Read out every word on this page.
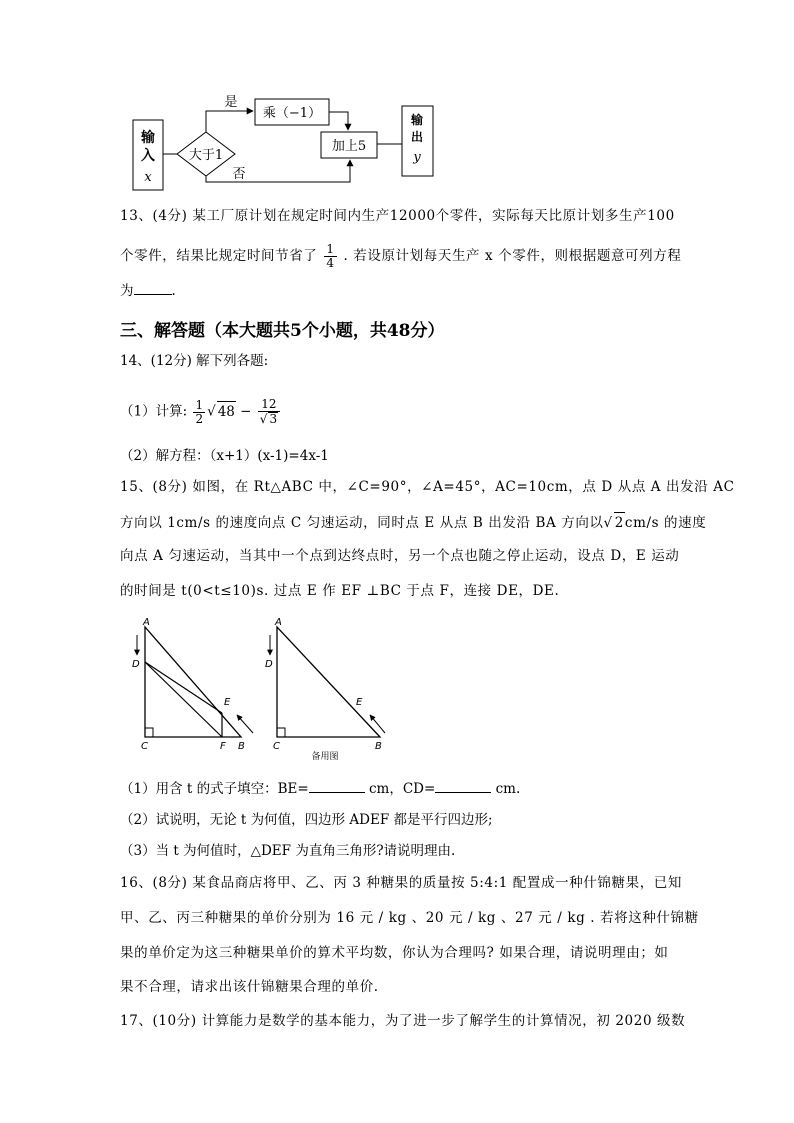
输
入
x
大于1
是
乘（−1）
加上5
否
输
出
y
13、(4分) 某工厂原计划在规定时间内生产12000个零件，实际每天比原计划多生产100
个零件，结果比规定时间节省了 $\frac{1}{4}$ . 若设原计划每天生产 x 个零件，则根据题意可列方程
为	.
三、解答题（本大题共5个小题，共48分）
14、(12分) 解下列各题:
（1）计算: $\frac{1}{2}$ √ $48 - \frac{12}{√ 3}$
（2）解方程：（x+1）(x-1)=4x-1
15、(8分) 如图，在 Rt△ABC 中，∠C=90°，∠A=45°，AC=10cm，点 D 从点 A 出发沿 AC
方向以 1cm/s 的速度向点 C 匀速运动，同时点 E 从点 B 出发沿 BA 方向以√ 2cm/s 的速度
向点 A 匀速运动，当其中一个点到达终点时，另一个点也随之停止运动，设点 D，E 运动
的时间是 t(0<t≤10)s. 过点 E 作 EF ⊥BC 于点 F，连接 DE，DE.
A
D
E
C	F B
A
D
E
C	B
备用图
（1）用含 t 的式子填空：BE=	cm，CD=	cm.
（2）试说明，无论 t 为何值，四边形 ADEF 都是平行四边形;
（3）当 t 为何值时，△DEF 为直角三角形?请说明理由.
16、(8分) 某食品商店将甲、乙、丙 3 种糖果的质量按 5:4:1 配置成一种什锦糖果，已知
甲、乙、丙三种糖果的单价分别为 16 元 / kg 、20 元 / kg 、27 元 / kg . 若将这种什锦糖
果的单价定为这三种糖果单价的算术平均数，你认为合理吗? 如果合理，请说明理由；如
果不合理，请求出该什锦糖果合理的单价.
17、(10分) 计算能力是数学的基本能力，为了进一步了解学生的计算情况，初 2020 级数
